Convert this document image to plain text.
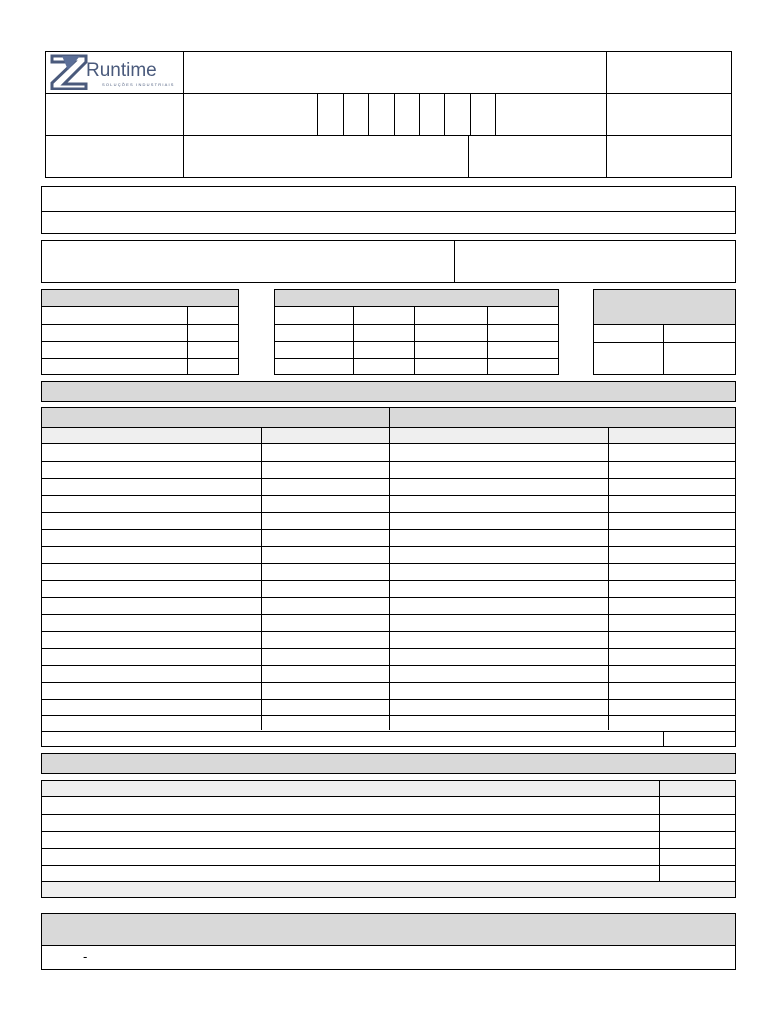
Runtime
SOLUÇÕES INDUSTRIAIS
-
